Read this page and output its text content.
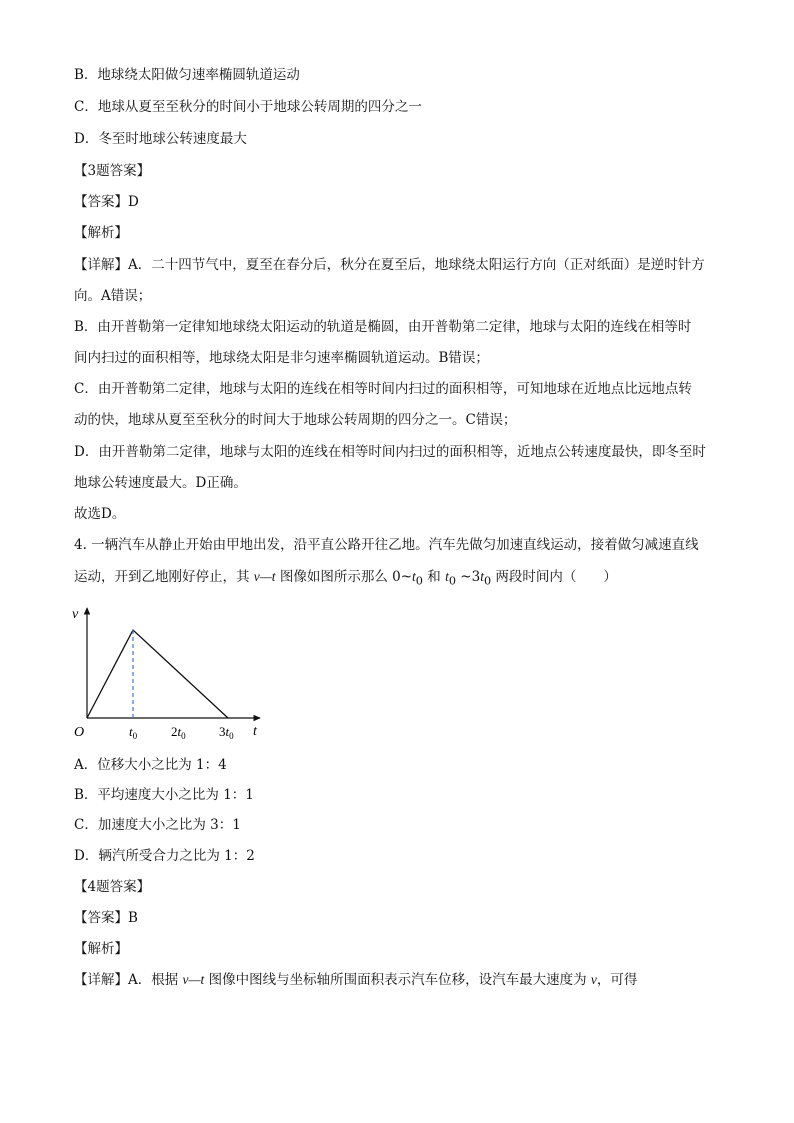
B．地球绕太阳做匀速率椭圆轨道运动
C．地球从夏至至秋分的时间小于地球公转周期的四分之一
D．冬至时地球公转速度最大
【3题答案】
【答案】D
【解析】
【详解】A．二十四节气中，夏至在春分后，秋分在夏至后，地球绕太阳运行方向（正对纸面）是逆时针方
向。A错误；
B．由开普勒第一定律知地球绕太阳运动的轨道是椭圆，由开普勒第二定律，地球与太阳的连线在相等时
间内扫过的面积相等，地球绕太阳是非匀速率椭圆轨道运动。B错误；
C．由开普勒第二定律，地球与太阳的连线在相等时间内扫过的面积相等，可知地球在近地点比远地点转
动的快，地球从夏至至秋分的时间大于地球公转周期的四分之一。C错误；
D．由开普勒第二定律，地球与太阳的连线在相等时间内扫过的面积相等，近地点公转速度最快，即冬至时
地球公转速度最大。D正确。
故选D。
4. 一辆汽车从静止开始由甲地出发，沿平直公路开往乙地。汽车先做匀加速直线运动，接着做匀减速直线
运动，开到乙地刚好停止，其 v—t 图像如图所示那么 $0\sim t_0$ 和 $t_0$ $\sim 3t_0$ 两段时间内（　　）
v
t
O	$t_0$	$2t_0$	$3t_0$
A．位移大小之比为 1：4
B．平均速度大小之比为 1：1
C．加速度大小之比为 3：1
D．辆汽所受合力之比为 1：2
【4题答案】
【答案】B
【解析】
【详解】A．根据 v—t 图像中图线与坐标轴所围面积表示汽车位移，设汽车最大速度为 v，可得
